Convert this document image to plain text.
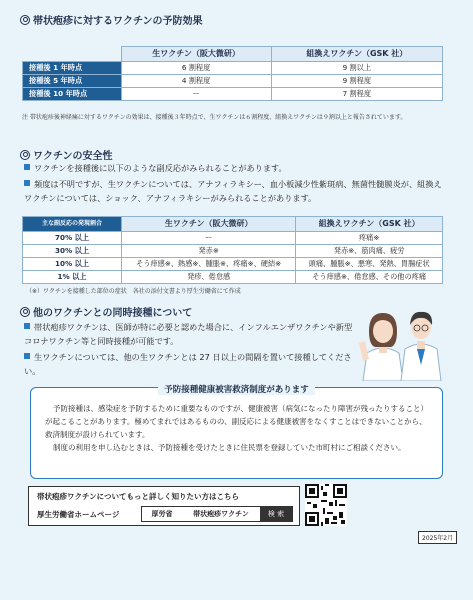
帯状疱疹に対するワクチンの予防効果
	生ワクチン（阪大微研）	組換えワクチン（GSK 社）
接種後 1 年時点	6 割程度	9 割以上
接種後 5 年時点	4 割程度	9 割程度
接種後 10 年時点	ー	7 割程度
注 帯状疱疹後神経痛に対するワクチンの効果は、接種後３年時点で、生ワクチンは６割程度、組換えワクチンは９割以上と報告されています。
ワクチンの安全性
ワクチンを接種後に以下のような副反応がみられることがあります。
頻度は不明ですが、生ワクチンについては、アナフィラキシー、血小板減少性紫斑病、無菌性髄膜炎が、組換えワクチンについては、ショック、アナフィラキシーがみられることがあります。
主な副反応の発現割合	生ワクチン（阪大微研）	組換えワクチン（GSK 社）
70% 以上	ー	疼痛※
30% 以上	発赤※	発赤※、筋肉痛、疲労
10% 以上	そう痒感※、熱感※、腫脹※、疼痛※、硬結※	頭痛、腫脹※、悪寒、発熱、胃腸症状
1% 以上	発疹、倦怠感	そう痒感※、倦怠感、その他の疼痛
（※）ワクチンを接種した部位の症状　各社の添付文書より厚生労働省にて作成
他のワクチンとの同時接種について
帯状疱疹ワクチンは、医師が特に必要と認めた場合に、インフルエンザワクチンや新型コロナワクチン等と同時接種が可能です。
生ワクチンについては、他の生ワクチンとは 27 日以上の間隔を置いて接種してください。
予防接種健康被害救済制度があります
予防接種は、感染症を予防するために重要なものですが、健康被害（病気になったり障害が残ったりすること）が起こることがあります。極めてまれではあるものの、副反応による健康被害をなくすことはできないことから、救済制度が設けられています。
制度の利用を申し込むときは、予防接種を受けたときに住民票を登録していた市町村にご相談ください。
帯状疱疹ワクチンについてもっと詳しく知りたい方はこちら
厚生労働省ホームページ	厚労省	帯状疱疹ワクチン	検 索
2025年2月
